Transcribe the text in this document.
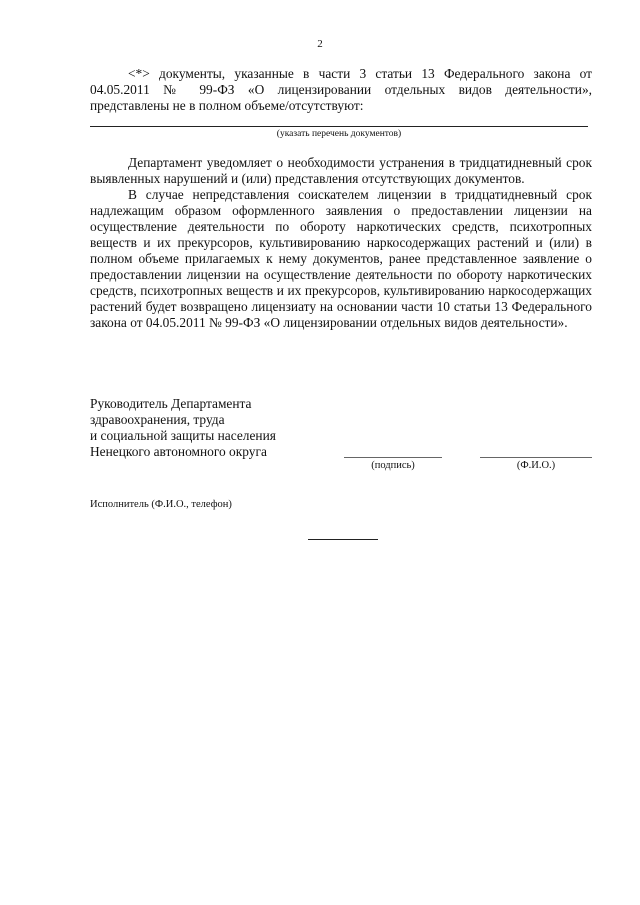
2

<*> документы, указанные в части 3 статьи 13 Федерального закона от 04.05.2011 № 99-ФЗ «О лицензировании отдельных видов деятельности», представлены не в полном объеме/отсутствуют:

(указать перечень документов)

Департамент уведомляет о необходимости устранения в тридцатидневный срок выявленных нарушений и (или) представления отсутствующих документов.

В случае непредставления соискателем лицензии в тридцатидневный срок надлежащим образом оформленного заявления о предоставлении лицензии на осуществление деятельности по обороту наркотических средств, психотропных веществ и их прекурсоров, культивированию наркосодержащих растений и (или) в полном объеме прилагаемых к нему документов, ранее представленное заявление о предоставлении лицензии на осуществление деятельности по обороту наркотических средств, психотропных веществ и их прекурсоров, культивированию наркосодержащих растений будет возвращено лицензиату на основании части 10 статьи 13 Федерального закона от 04.05.2011 № 99-ФЗ «О лицензировании отдельных видов деятельности».

Руководитель Департамента
здравоохранения, труда
и социальной защиты населения
Ненецкого автономного округа
(подпись)	(Ф.И.О.)
Исполнитель (Ф.И.О., телефон)
